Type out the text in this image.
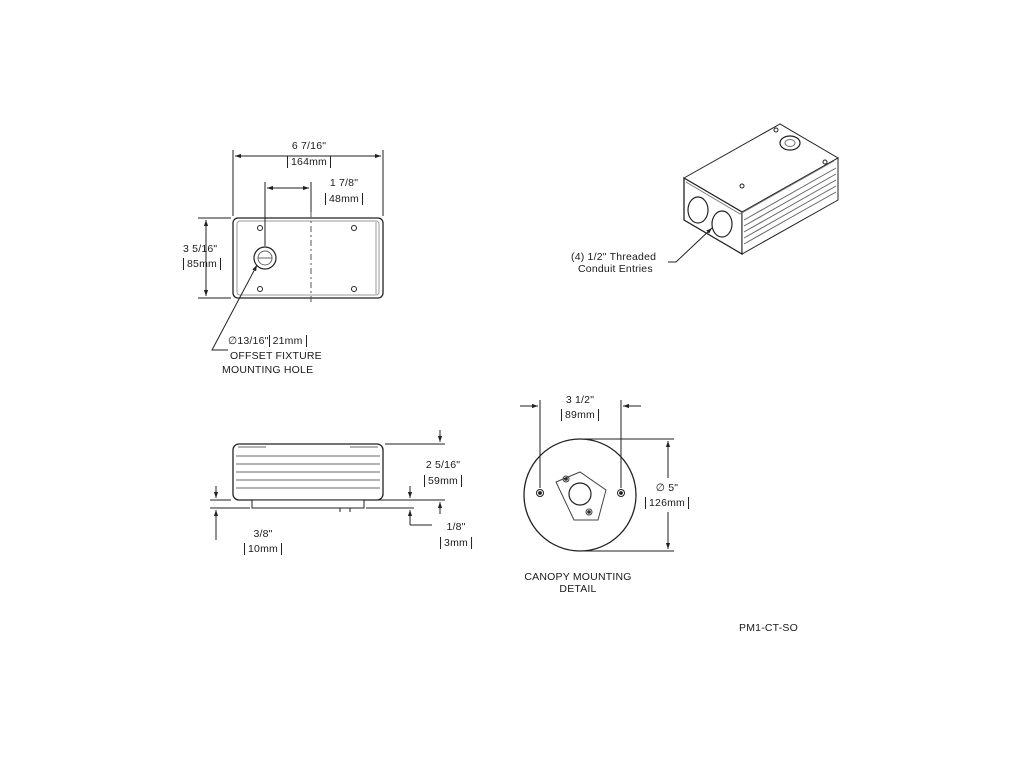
6 7/16"
164mm
1 7/8"
48mm
3 5/16"
85mm
∅13/16" 21mm
OFFSET FIXTURE
MOUNTING HOLE
(4) 1/2" Threaded
Conduit Entries
2 5/16"
59mm
3/8"
10mm
1/8"
3mm
3 1/2"
89mm
∅ 5"
126mm
CANOPY MOUNTING
DETAIL
PM1-CT-SO
